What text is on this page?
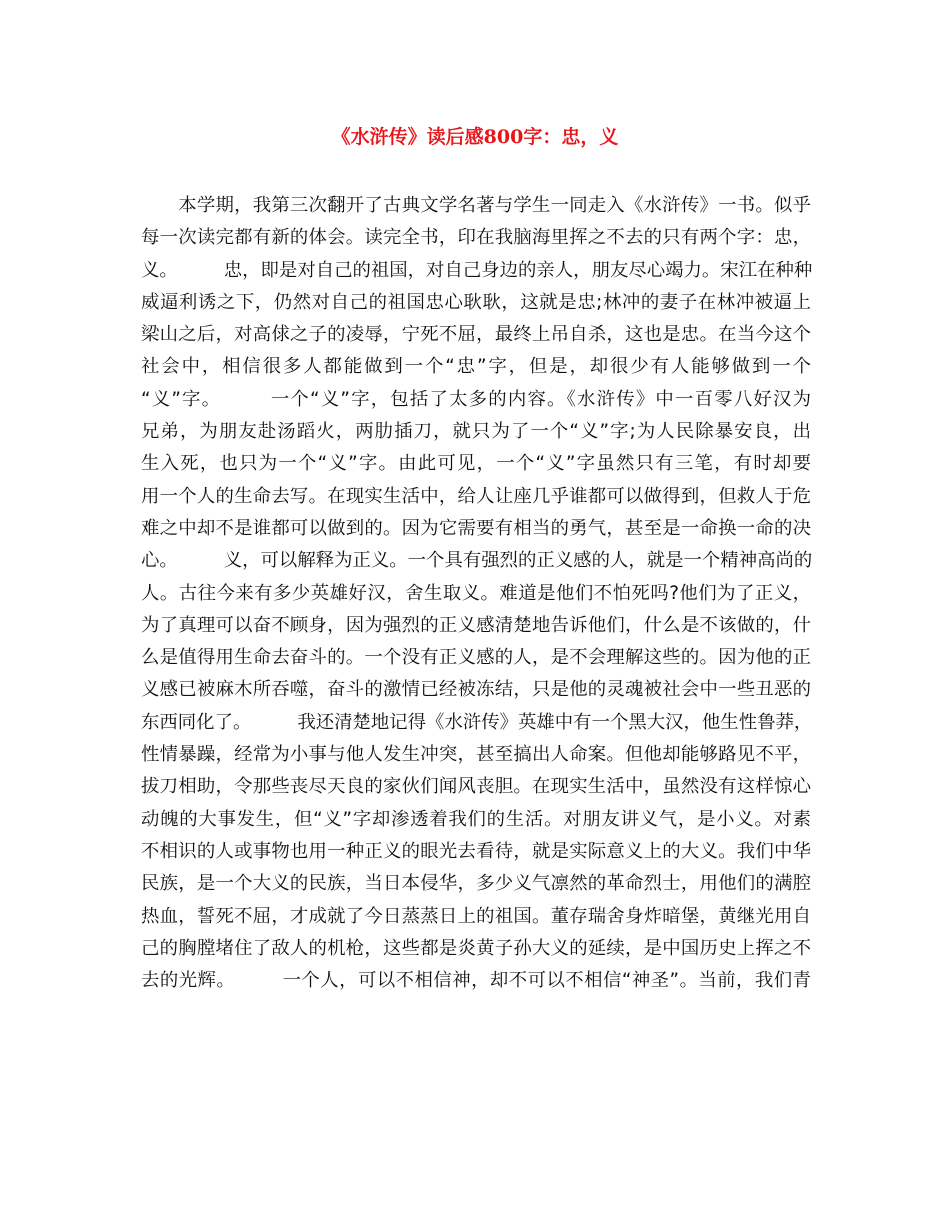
《水浒传》读后感800字：忠，义
　　本学期，我第三次翻开了古典文学名著与学生一同走入《水浒传》一书。似乎
每一次读完都有新的体会。读完全书，印在我脑海里挥之不去的只有两个字：忠，
义。　　　忠，即是对自己的祖国，对自己身边的亲人，朋友尽心竭力。宋江在种种
威逼利诱之下，仍然对自己的祖国忠心耿耿，这就是忠;林冲的妻子在林冲被逼上
梁山之后，对高俅之子的凌辱，宁死不屈，最终上吊自杀，这也是忠。在当今这个
社会中，相信很多人都能做到一个“忠”字，但是，却很少有人能够做到一个
“义”字。　　　一个“义”字，包括了太多的内容。《水浒传》中一百零八好汉为
兄弟，为朋友赴汤蹈火，两肋插刀，就只为了一个“义”字;为人民除暴安良，出
生入死，也只为一个“义”字。由此可见，一个“义”字虽然只有三笔，有时却要
用一个人的生命去写。在现实生活中，给人让座几乎谁都可以做得到，但救人于危
难之中却不是谁都可以做到的。因为它需要有相当的勇气，甚至是一命换一命的决
心。　　　义，可以解释为正义。一个具有强烈的正义感的人，就是一个精神高尚的
人。古往今来有多少英雄好汉，舍生取义。难道是他们不怕死吗?他们为了正义，
为了真理可以奋不顾身，因为强烈的正义感清楚地告诉他们，什么是不该做的，什
么是值得用生命去奋斗的。一个没有正义感的人，是不会理解这些的。因为他的正
义感已被麻木所吞噬，奋斗的激情已经被冻结，只是他的灵魂被社会中一些丑恶的
东西同化了。　　　我还清楚地记得《水浒传》英雄中有一个黑大汉，他生性鲁莽，
性情暴躁，经常为小事与他人发生冲突，甚至搞出人命案。但他却能够路见不平，
拔刀相助，令那些丧尽天良的家伙们闻风丧胆。在现实生活中，虽然没有这样惊心
动魄的大事发生，但“义”字却渗透着我们的生活。对朋友讲义气，是小义。对素
不相识的人或事物也用一种正义的眼光去看待，就是实际意义上的大义。我们中华
民族，是一个大义的民族，当日本侵华，多少义气凛然的革命烈士，用他们的满腔
热血，誓死不屈，才成就了今日蒸蒸日上的祖国。董存瑞舍身炸暗堡，黄继光用自
己的胸膛堵住了敌人的机枪，这些都是炎黄子孙大义的延续，是中国历史上挥之不
去的光辉。　　　一个人，可以不相信神，却不可以不相信“神圣”。当前，我们青
